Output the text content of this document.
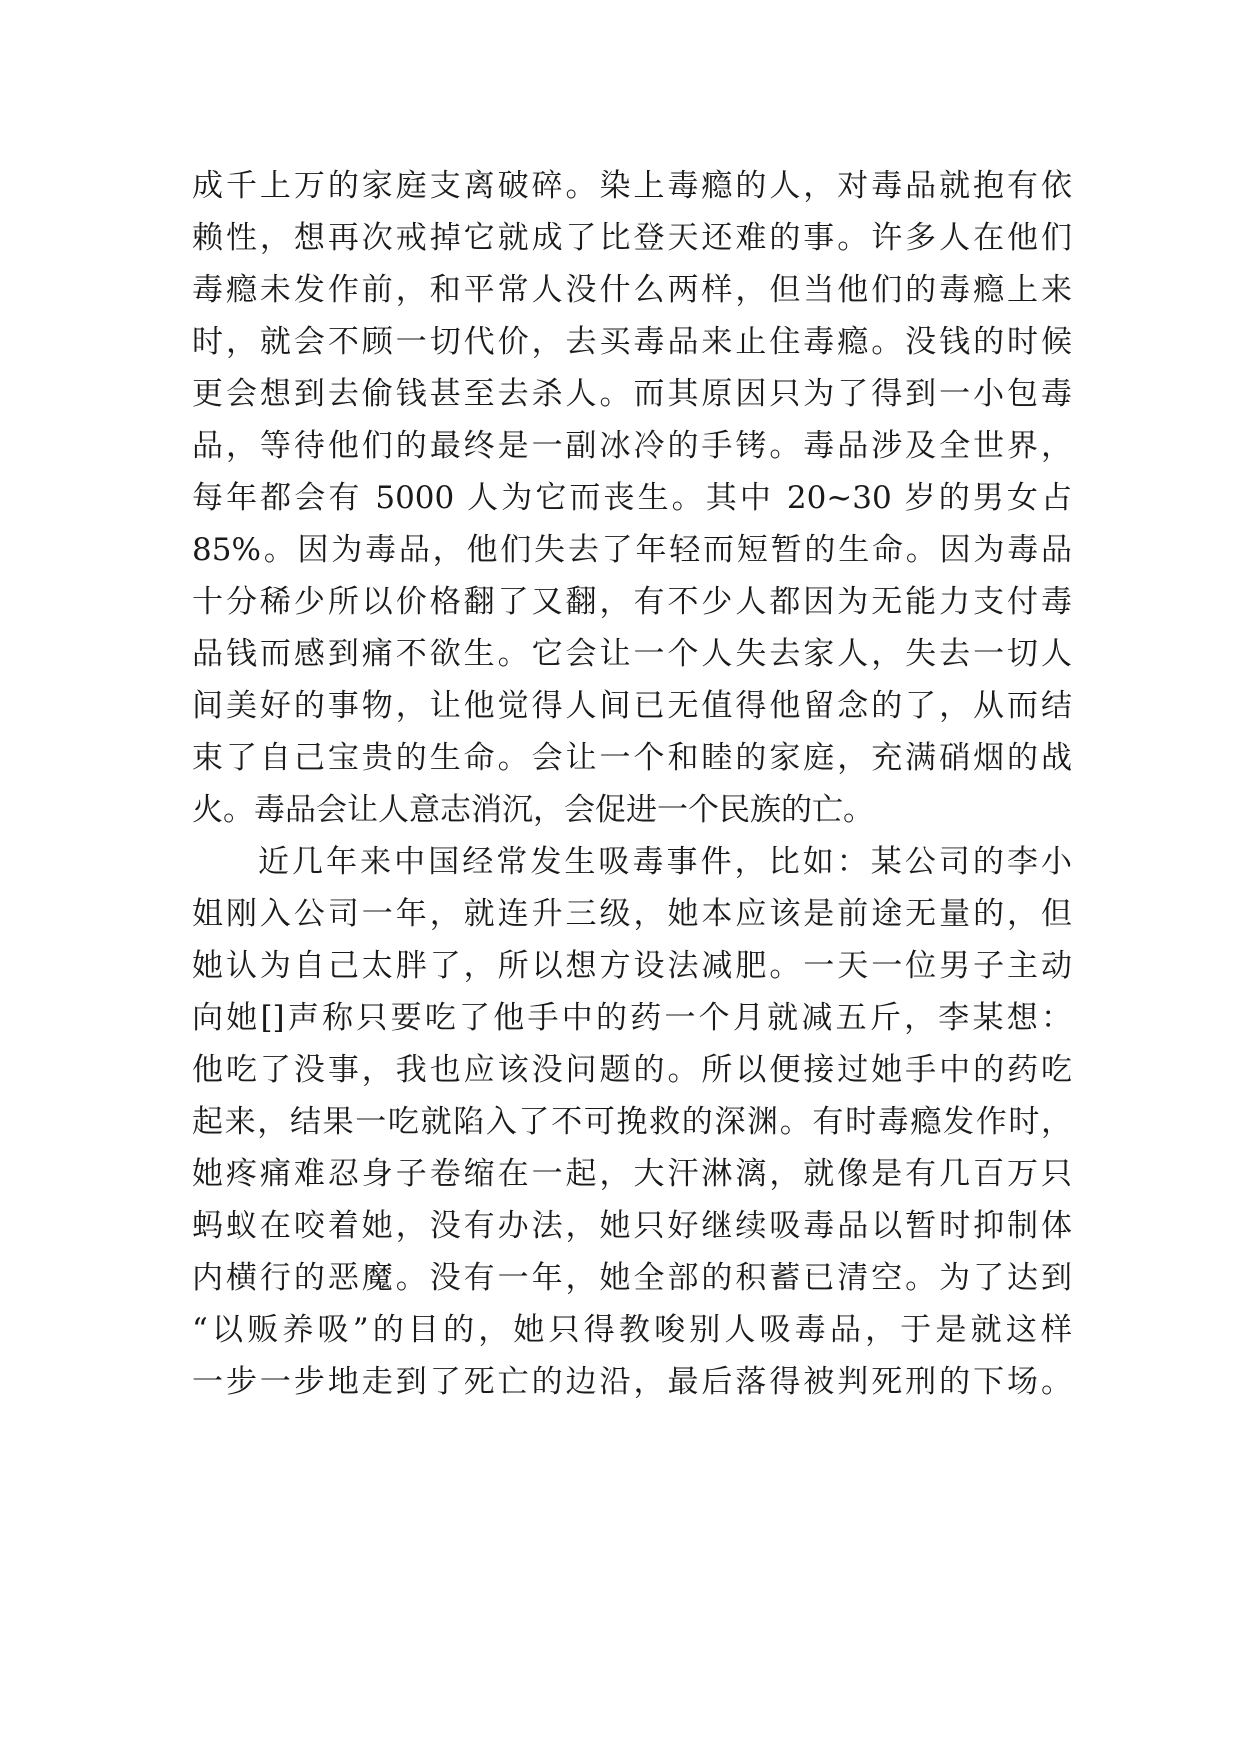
成千上万的家庭支离破碎。染上毒瘾的人，对毒品就抱有依
赖性，想再次戒掉它就成了比登天还难的事。许多人在他们
毒瘾未发作前，和平常人没什么两样，但当他们的毒瘾上来
时，就会不顾一切代价，去买毒品来止住毒瘾。没钱的时候
更会想到去偷钱甚至去杀人。而其原因只为了得到一小包毒
品，等待他们的最终是一副冰冷的手铐。毒品涉及全世界，
每年都会有 5000 人为它而丧生。其中 20~30 岁的男女占
85%。因为毒品，他们失去了年轻而短暂的生命。因为毒品
十分稀少所以价格翻了又翻，有不少人都因为无能力支付毒
品钱而感到痛不欲生。它会让一个人失去家人，失去一切人
间美好的事物，让他觉得人间已无值得他留念的了，从而结
束了自己宝贵的生命。会让一个和睦的家庭，充满硝烟的战
火。毒品会让人意志消沉，会促进一个民族的亡。
近几年来中国经常发生吸毒事件，比如：某公司的李小
姐刚入公司一年，就连升三级，她本应该是前途无量的，但
她认为自己太胖了，所以想方设法减肥。一天一位男子主动
向她[]声称只要吃了他手中的药一个月就减五斤，李某想：
他吃了没事，我也应该没问题的。所以便接过她手中的药吃
起来，结果一吃就陷入了不可挽救的深渊。有时毒瘾发作时，
她疼痛难忍身子卷缩在一起，大汗淋漓，就像是有几百万只
蚂蚁在咬着她，没有办法，她只好继续吸毒品以暂时抑制体
内横行的恶魔。没有一年，她全部的积蓄已清空。为了达到
“以贩养吸”的目的，她只得教唆别人吸毒品，于是就这样
一步一步地走到了死亡的边沿，最后落得被判死刑的下场。
